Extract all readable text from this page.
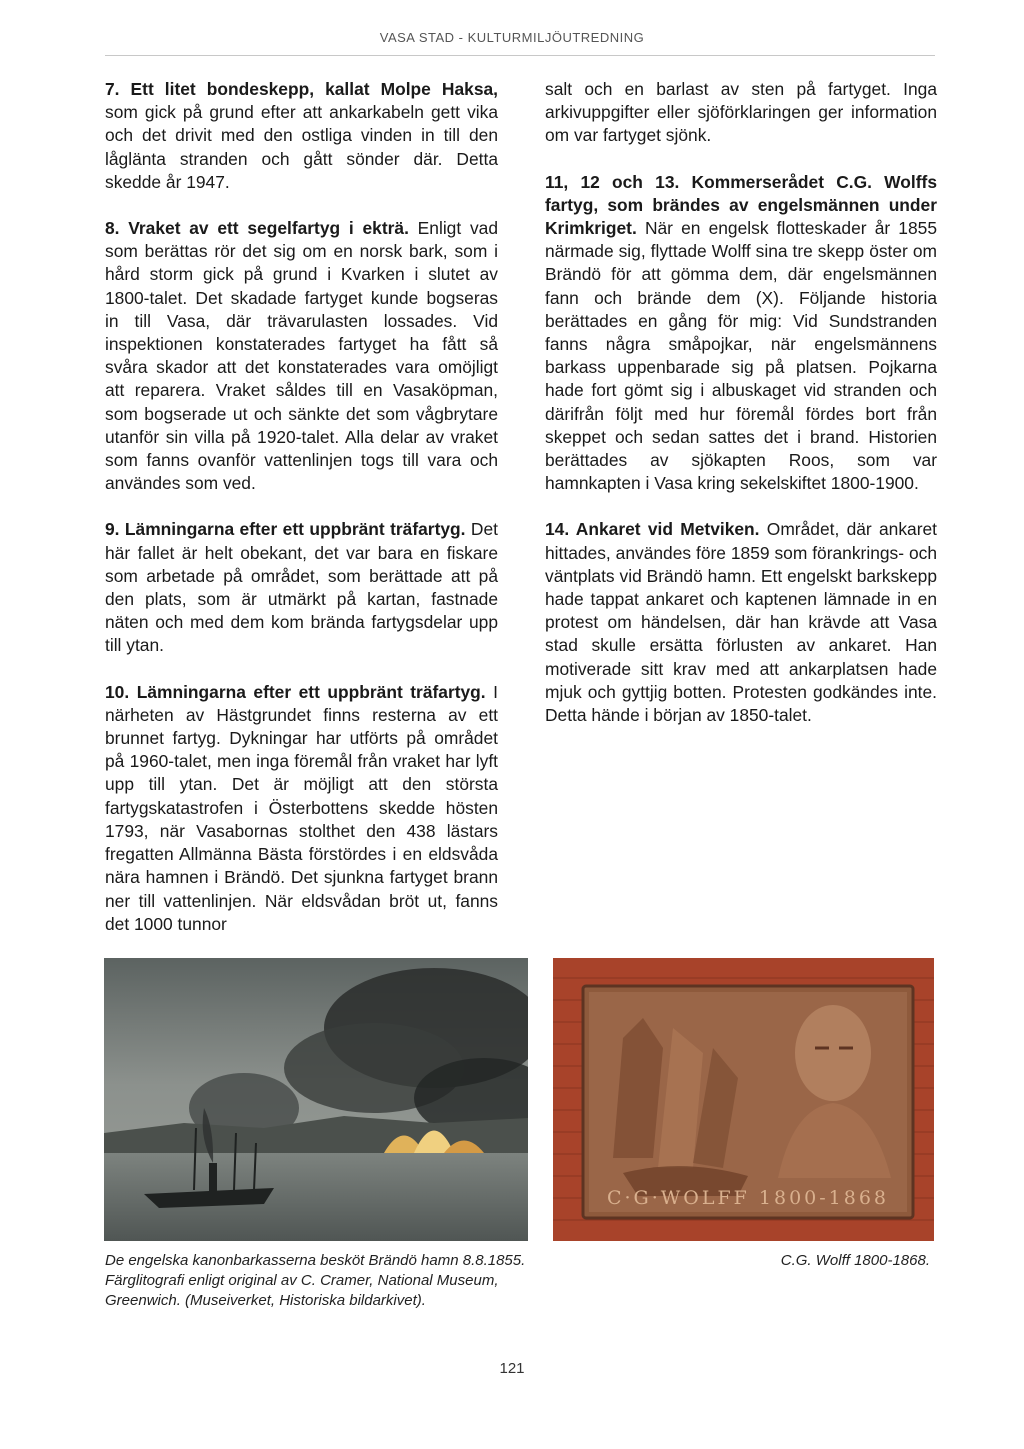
VASA STAD - KULTURMILJÖUTREDNING

7. Ett litet bondeskepp, kallat Molpe Haksa, som gick på grund efter att ankarkabeln gett vika och det drivit med den ostliga vinden in till den låglänta stranden och gått sönder där. Detta skedde år 1947.

8. Vraket av ett segelfartyg i ekträ. Enligt vad som berättas rör det sig om en norsk bark, som i hård storm gick på grund i Kvarken i slutet av 1800-talet. Det skadade fartyget kunde bogseras in till Vasa, där trävarulasten lossades. Vid inspektionen konstaterades fartyget ha fått så svåra skador att det konstaterades vara omöjligt att reparera. Vraket såldes till en Vasaköpman, som bogserade ut och sänkte det som vågbrytare utanför sin villa på 1920-talet. Alla delar av vraket som fanns ovanför vattenlinjen togs till vara och användes som ved.

9. Lämningarna efter ett uppbränt träfartyg. Det här fallet är helt obekant, det var bara en fiskare som arbetade på området, som berättade att på den plats, som är utmärkt på kartan, fastnade näten och med dem kom brända fartygsdelar upp till ytan.

10. Lämningarna efter ett uppbränt träfartyg. I närheten av Hästgrundet finns resterna av ett brunnet fartyg. Dykningar har utförts på området på 1960-talet, men inga föremål från vraket har lyft upp till ytan. Det är möjligt att den största fartygskatastrofen i Österbottens skedde hösten 1793, när Vasabornas stolthet den 438 lästars fregatten Allmänna Bästa förstördes i en eldsvåda nära hamnen i Brändö. Det sjunkna fartyget brann ner till vattenlinjen. När eldsvådan bröt ut, fanns det 1000 tunnor

salt och en barlast av sten på fartyget. Inga arkivuppgifter eller sjöförklaringen ger information om var fartyget sjönk.

11, 12 och 13. Kommerserådet C.G. Wolffs fartyg, som brändes av engelsmännen under Krimkriget. När en engelsk flotteskader år 1855 närmade sig, flyttade Wolff sina tre skepp öster om Brändö för att gömma dem, där engelsmännen fann och brände dem (X). Följande historia berättades en gång för mig: Vid Sundstranden fanns några småpojkar, när engelsmännens barkass uppenbarade sig på platsen. Pojkarna hade fort gömt sig i albuskaget vid stranden och därifrån följt med hur föremål fördes bort från skeppet och sedan sattes det i brand. Historien berättades av sjökapten Roos, som var hamnkapten i Vasa kring sekelskiftet 1800-1900.

14. Ankaret vid Metviken. Området, där ankaret hittades, användes före 1859 som förankrings- och väntplats vid Brändö hamn. Ett engelskt barkskepp hade tappat ankaret och kaptenen lämnade in en protest om händelsen, där han krävde att Vasa stad skulle ersätta förlusten av ankaret. Han motiverade sitt krav med att ankarplatsen hade mjuk och gyttjig botten. Protesten godkändes inte. Detta hände i början av 1850-talet.

C·G·WOLFF 1800-1868
De engelska kanonbarkasserna besköt Brändö hamn 8.8.1855. Färglitografi enligt original av C. Cramer, National Museum, Greenwich. (Museiverket, Historiska bildarkivet).
C.G. Wolff 1800-1868.
121
